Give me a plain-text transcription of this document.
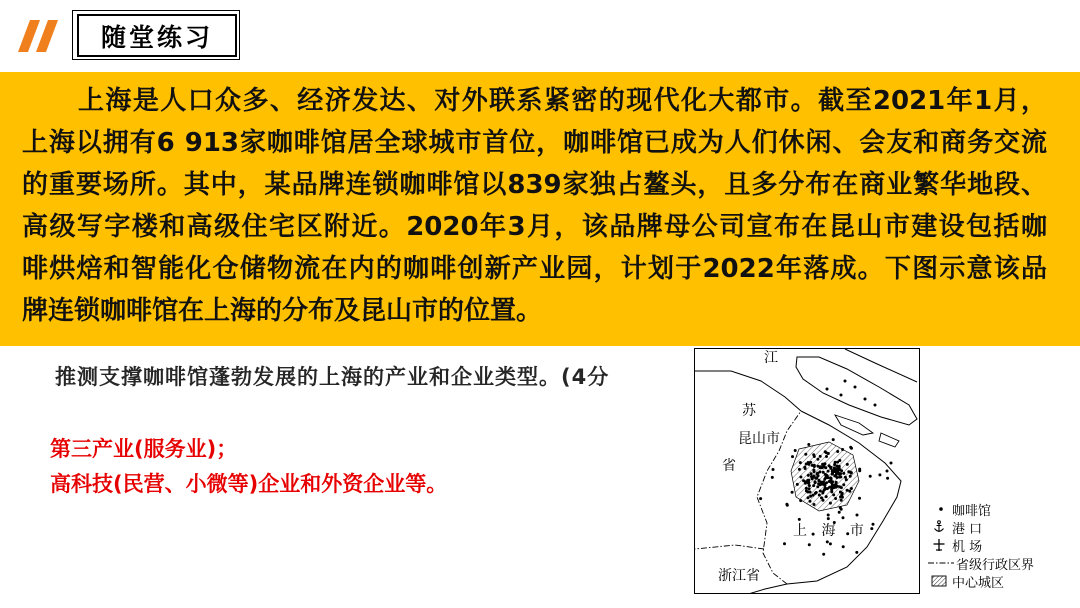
随堂练习
上海是人口众多、经济发达、对外联系紧密的现代化大都市。截至2021年1月，
上海以拥有6 913家咖啡馆居全球城市首位，咖啡馆已成为人们休闲、会友和商务交流
的重要场所。其中，某品牌连锁咖啡馆以839家独占鳌头，且多分布在商业繁华地段、
高级写字楼和高级住宅区附近。2020年3月，该品牌母公司宣布在昆山市建设包括咖
啡烘焙和智能化仓储物流在内的咖啡创新产业园，计划于2022年落成。下图示意该品
牌连锁咖啡馆在上海的分布及昆山市的位置。
推测支撑咖啡馆蓬勃发展的上海的产业和企业类型。(4分
第三产业(服务业)；
高科技(民营、小微等)企业和外资企业等。
江
苏
昆山市
省
上 海 市
浙江省
咖啡馆
港 口
机 场
省级行政区界
中心城区
